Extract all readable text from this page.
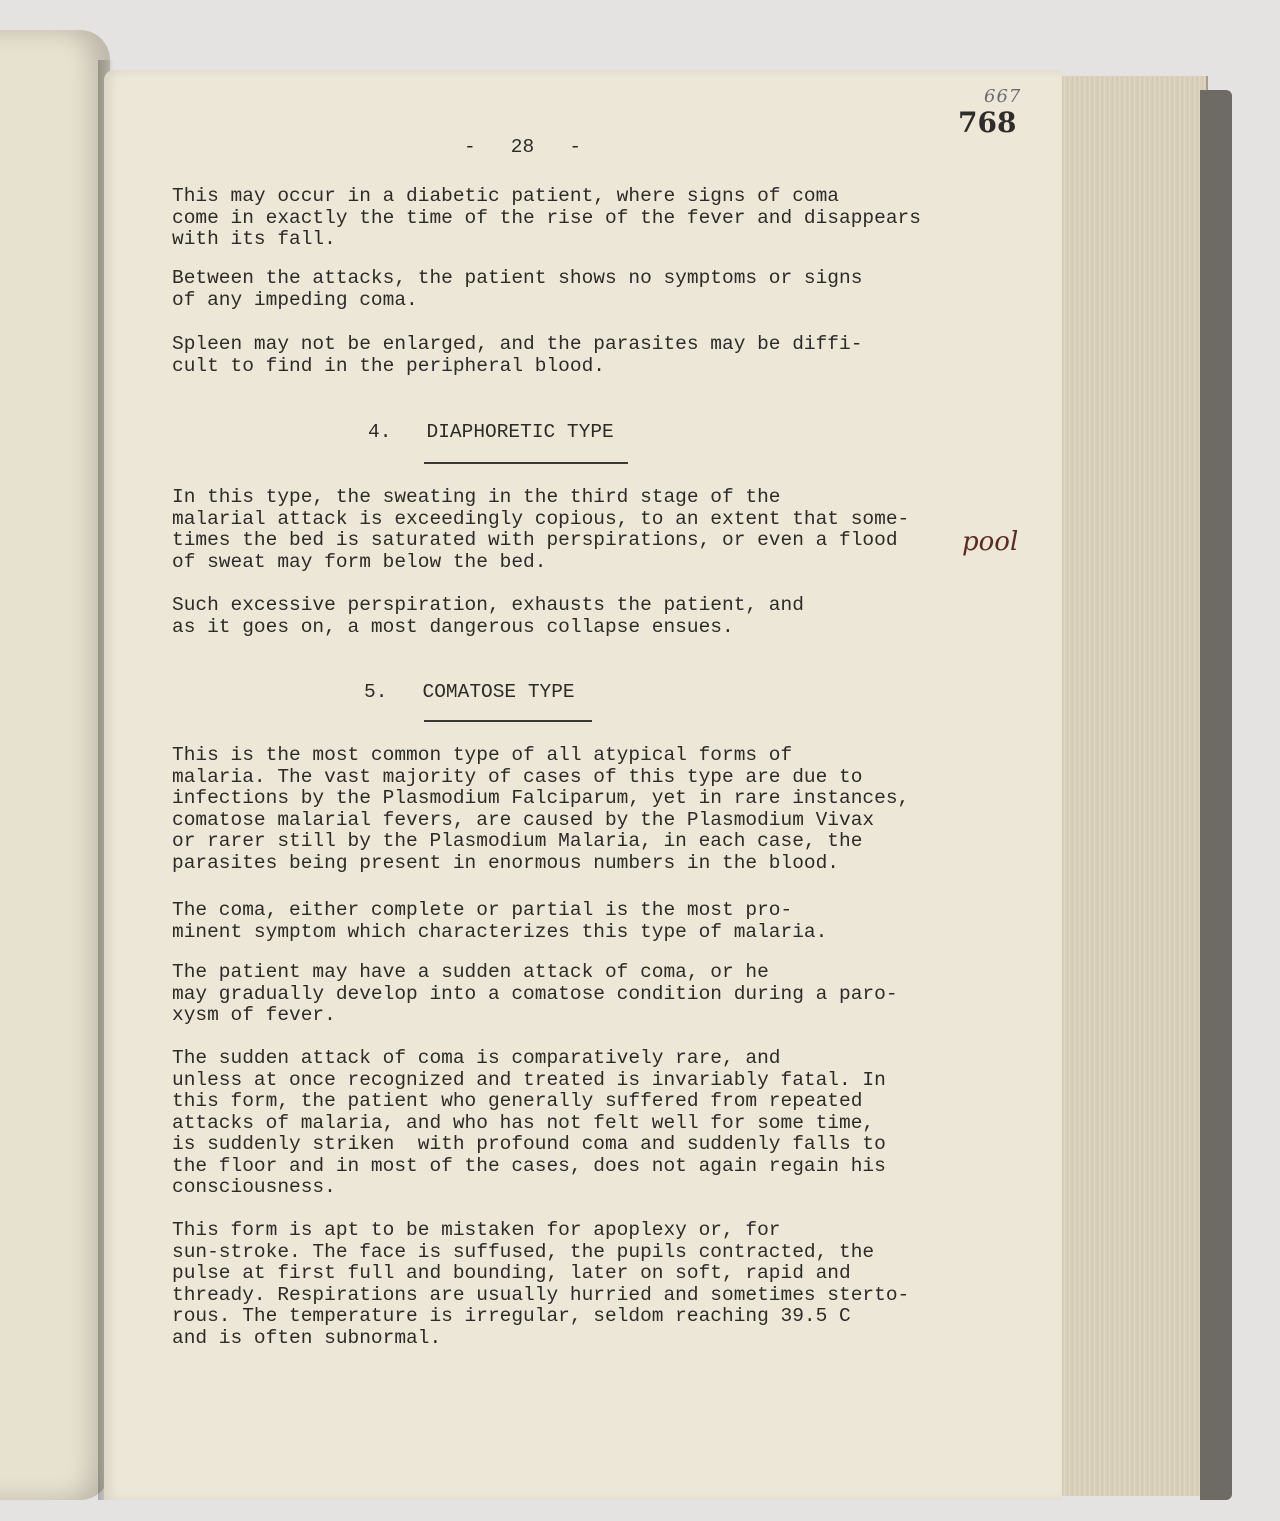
667
768
-   28   -
This may occur in a diabetic patient, where signs of coma
come in exactly the time of the rise of the fever and disappears
with its fall.
Between the attacks, the patient shows no symptoms or signs
of any impeding coma.
Spleen may not be enlarged, and the parasites may be diffi-
cult to find in the peripheral blood.
4.   DIAPHORETIC TYPE
In this type, the sweating in the third stage of the
malarial attack is exceedingly copious, to an extent that some-
times the bed is saturated with perspirations, or even a flood
of sweat may form below the bed.
pool
Such excessive perspiration, exhausts the patient, and
as it goes on, a most dangerous collapse ensues.
5.   COMATOSE TYPE
This is the most common type of all atypical forms of
malaria. The vast majority of cases of this type are due to
infections by the Plasmodium Falciparum, yet in rare instances,
comatose malarial fevers, are caused by the Plasmodium Vivax
or rarer still by the Plasmodium Malaria, in each case, the
parasites being present in enormous numbers in the blood.
The coma, either complete or partial is the most pro-
minent symptom which characterizes this type of malaria.
The patient may have a sudden attack of coma, or he
may gradually develop into a comatose condition during a paro-
xysm of fever.
The sudden attack of coma is comparatively rare, and
unless at once recognized and treated is invariably fatal. In
this form, the patient who generally suffered from repeated
attacks of malaria, and who has not felt well for some time,
is suddenly striken  with profound coma and suddenly falls to
the floor and in most of the cases, does not again regain his
consciousness.
This form is apt to be mistaken for apoplexy or, for
sun-stroke. The face is suffused, the pupils contracted, the
pulse at first full and bounding, later on soft, rapid and
thready. Respirations are usually hurried and sometimes sterto-
rous. The temperature is irregular, seldom reaching 39.5 C
and is often subnormal.
